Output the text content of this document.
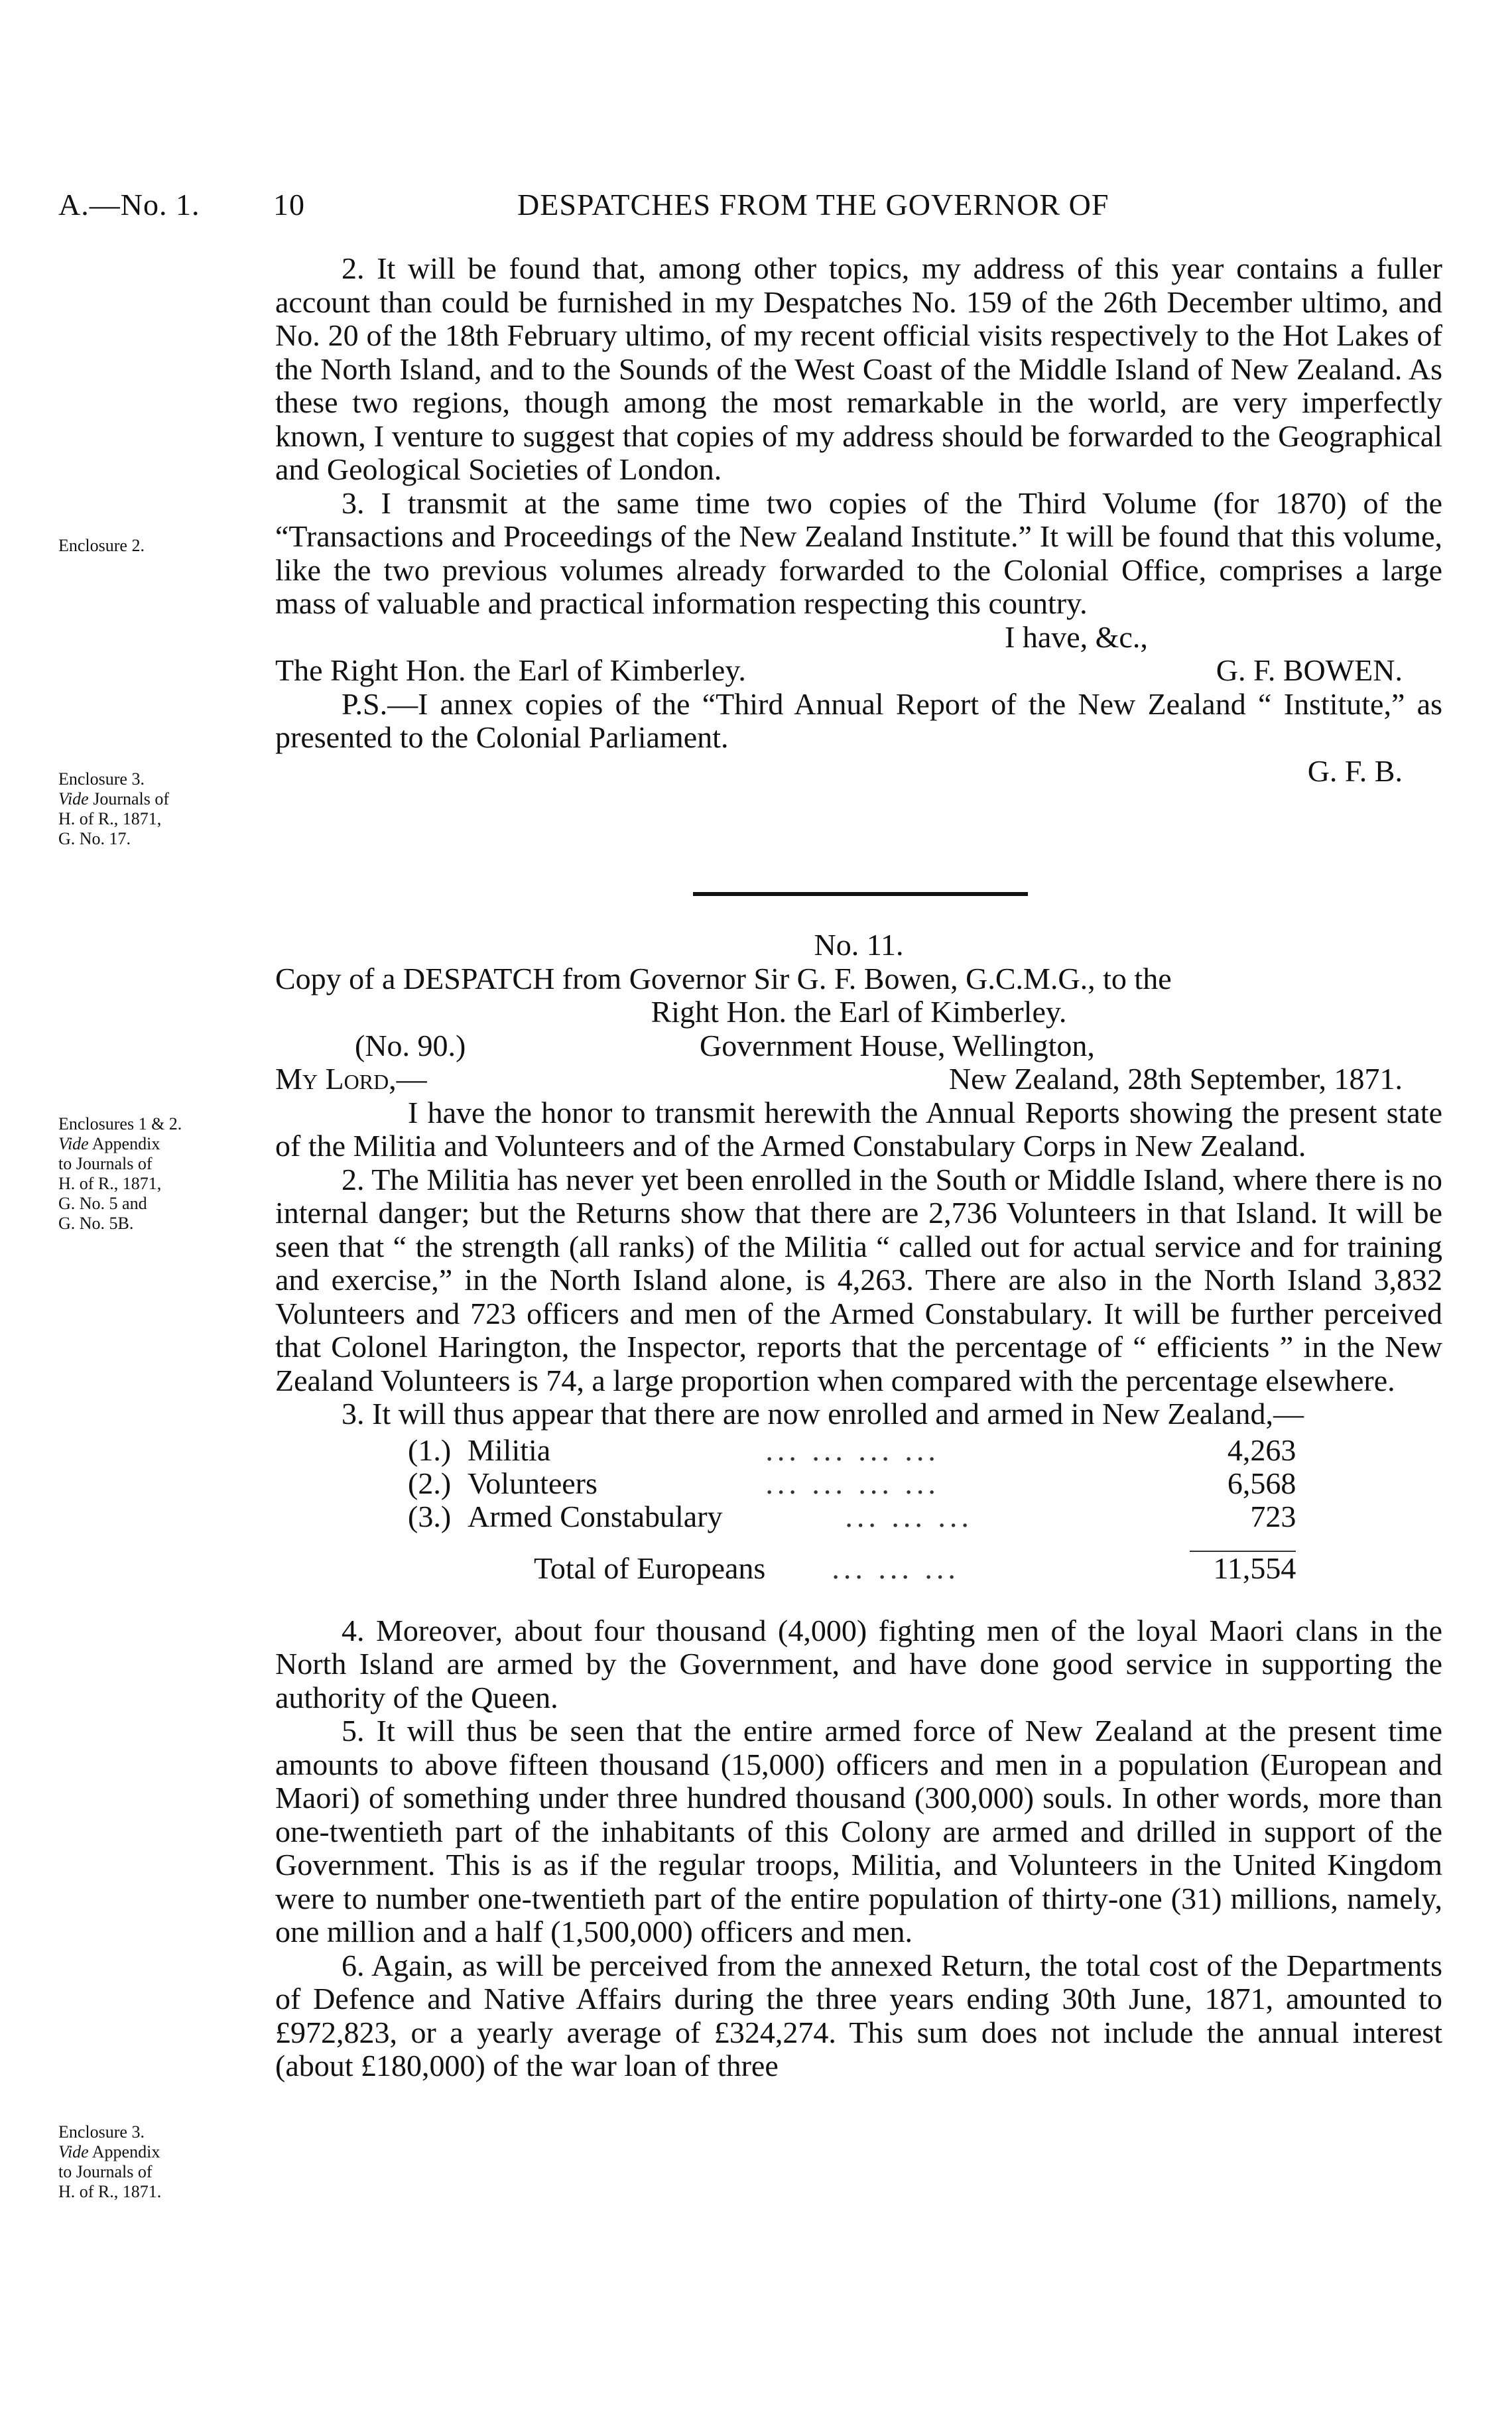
A.—No. 1. 10	DESPATCHES FROM THE GOVERNOR OF
Enclosure 2.
Enclosure 3.
Vide Journals of
H. of R., 1871,
G. No. 17.
Enclosures 1 & 2.
Vide Appendix
to Journals of
H. of R., 1871,
G. No. 5 and
G. No. 5B.
Enclosure 3.
Vide Appendix
to Journals of
H. of R., 1871.

2. It will be found that, among other topics, my address of this year contains a fuller account than could be furnished in my Despatches No. 159 of the 26th December ultimo, and No. 20 of the 18th February ultimo, of my recent official visits respectively to the Hot Lakes of the North Island, and to the Sounds of the West Coast of the Middle Island of New Zealand. As these two regions, though among the most remarkable in the world, are very imperfectly known, I venture to suggest that copies of my address should be forwarded to the Geographical and Geological Societies of London.

3. I transmit at the same time two copies of the Third Volume (for 1870) of the “Transactions and Proceedings of the New Zealand Institute.” It will be found that this volume, like the two previous volumes already forwarded to the Colonial Office, comprises a large mass of valuable and practical information respecting this country.

I have, &c.,
The Right Hon. the Earl of Kimberley.	G. F. BOWEN.

P.S.—I annex copies of the “Third Annual Report of the New Zealand “ Institute,” as presented to the Colonial Parliament.

G. F. B.
No. 11.
Copy of a DESPATCH from Governor Sir G. F. Bowen, G.C.M.G., to the
Right Hon. the Earl of Kimberley.
(No. 90.)	Government House, Wellington,
My Lord,—	New Zealand, 28th September, 1871.

I have the honor to transmit herewith the Annual Reports showing the present state of the Militia and Volunteers and of the Armed Constabulary Corps in New Zealand.

2. The Militia has never yet been enrolled in the South or Middle Island, where there is no internal danger; but the Returns show that there are 2,736 Volunteers in that Island. It will be seen that “ the strength (all ranks) of the Militia “ called out for actual service and for training and exercise,” in the North Island alone, is 4,263. There are also in the North Island 3,832 Volunteers and 723 officers and men of the Armed Constabulary. It will be further perceived that Colonel Harington, the Inspector, reports that the percentage of “ efficients ” in the New Zealand Volunteers is 74, a large proportion when compared with the percentage elsewhere.

3. It will thus appear that there are now enrolled and armed in New Zealand,—

(1.)	Militia	... ... ... ...	4,263
(2.)	Volunteers	... ... ... ...	6,568
(3.)	Armed Constabulary	... ... ...	723

	Total of Europeans	... ... ...	11,554

4. Moreover, about four thousand (4,000) fighting men of the loyal Maori clans in the North Island are armed by the Government, and have done good service in supporting the authority of the Queen.

5. It will thus be seen that the entire armed force of New Zealand at the present time amounts to above fifteen thousand (15,000) officers and men in a population (European and Maori) of something under three hundred thousand (300,000) souls. In other words, more than one-twentieth part of the inhabitants of this Colony are armed and drilled in support of the Government. This is as if the regular troops, Militia, and Volunteers in the United Kingdom were to number one-twentieth part of the entire population of thirty-one (31) millions, namely, one million and a half (1,500,000) officers and men.

6. Again, as will be perceived from the annexed Return, the total cost of the Departments of Defence and Native Affairs during the three years ending 30th June, 1871, amounted to £972,823, or a yearly average of £324,274. This sum does not include the annual interest (about £180,000) of the war loan of three
